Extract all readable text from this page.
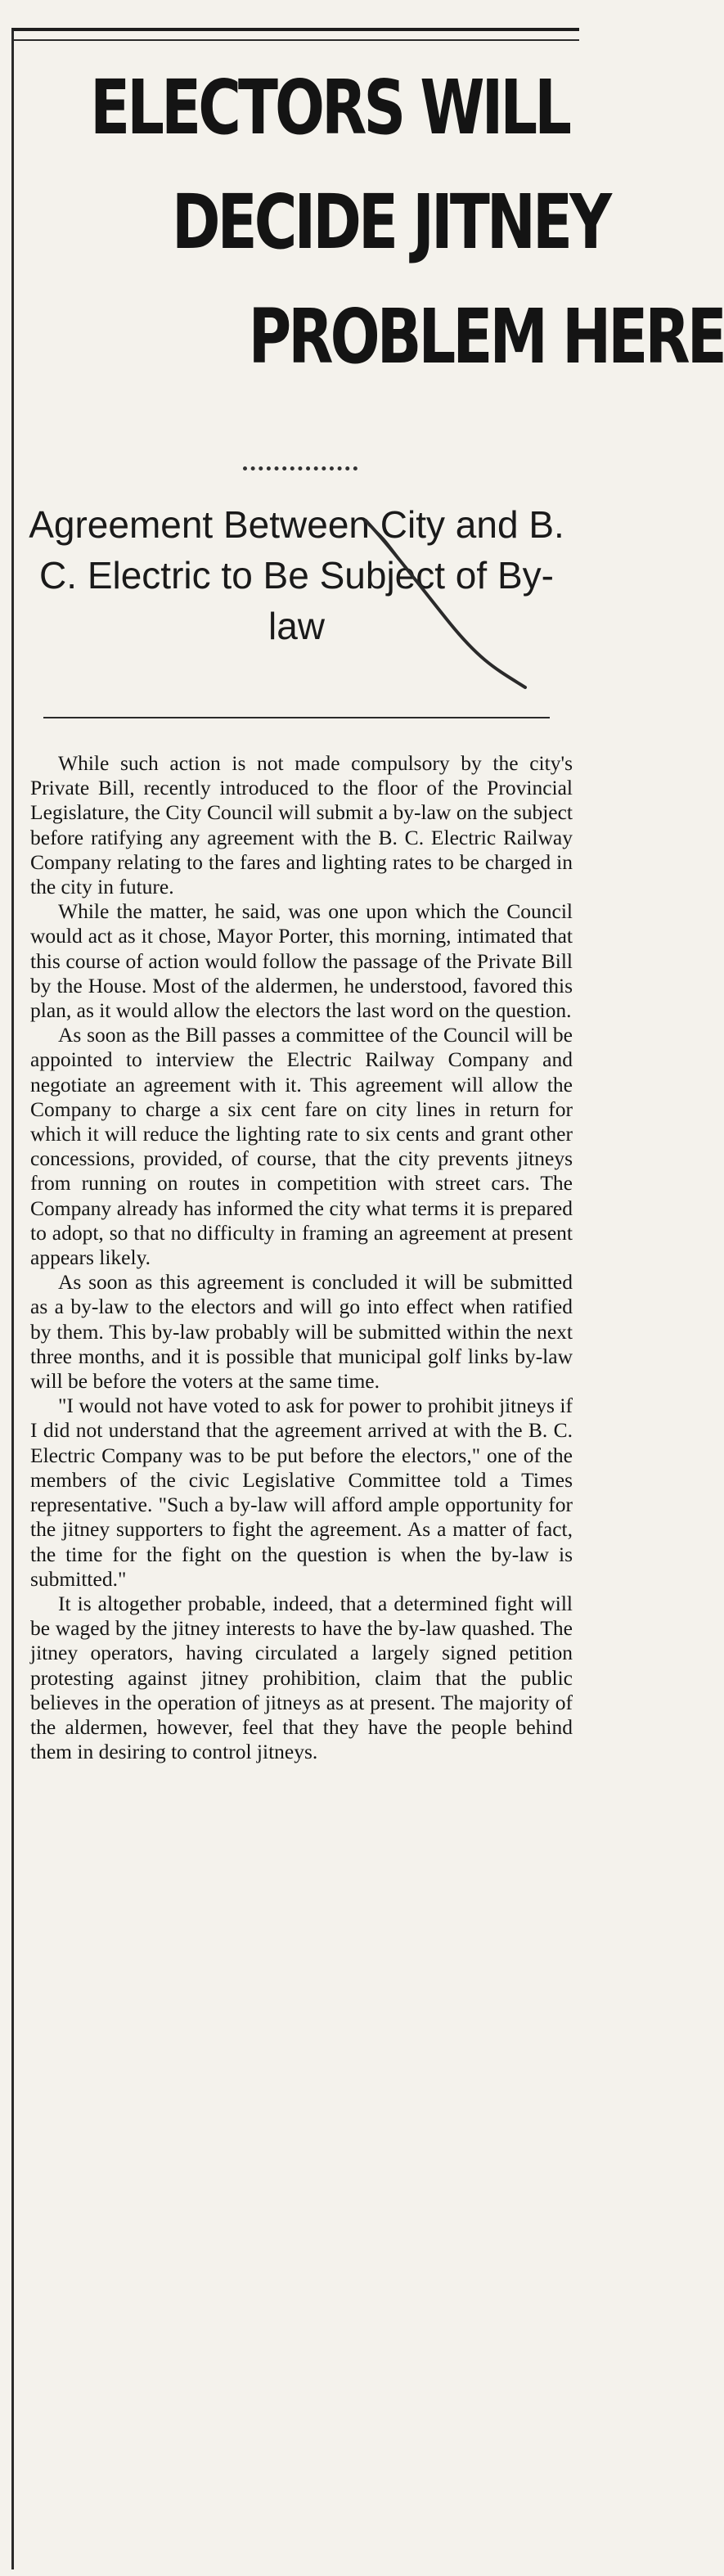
ELECTORS WILL
DECIDE JITNEY
PROBLEM HERE
Agreement Between City and B. C. Electric to Be Subject of By-law

While such action is not made compulsory by the city's Private Bill, recently introduced to the floor of the Provincial Legislature, the City Council will submit a by-law on the subject before ratifying any agreement with the B. C. Electric Railway Company relating to the fares and lighting rates to be charged in the city in future.

While the matter, he said, was one upon which the Council would act as it chose, Mayor Porter, this morning, intimated that this course of action would follow the passage of the Private Bill by the House. Most of the aldermen, he understood, favored this plan, as it would allow the electors the last word on the question.

As soon as the Bill passes a committee of the Council will be appointed to interview the Electric Railway Company and negotiate an agreement with it. This agreement will allow the Company to charge a six cent fare on city lines in return for which it will reduce the lighting rate to six cents and grant other concessions, provided, of course, that the city prevents jitneys from running on routes in competition with street cars. The Company already has informed the city what terms it is prepared to adopt, so that no difficulty in framing an agreement at present appears likely.

As soon as this agreement is concluded it will be submitted as a by-law to the electors and will go into effect when ratified by them. This by-law probably will be submitted within the next three months, and it is possible that municipal golf links by-law will be before the voters at the same time.

"I would not have voted to ask for power to prohibit jitneys if I did not understand that the agreement arrived at with the B. C. Electric Company was to be put before the electors," one of the members of the civic Legislative Committee told a Times representative. "Such a by-law will afford ample opportunity for the jitney supporters to fight the agreement. As a matter of fact, the time for the fight on the question is when the by-law is submitted."

It is altogether probable, indeed, that a determined fight will be waged by the jitney interests to have the by-law quashed. The jitney operators, having circulated a largely signed petition protesting against jitney prohibition, claim that the public believes in the operation of jitneys as at present. The majority of the aldermen, however, feel that they have the people behind them in desiring to control jitneys.
